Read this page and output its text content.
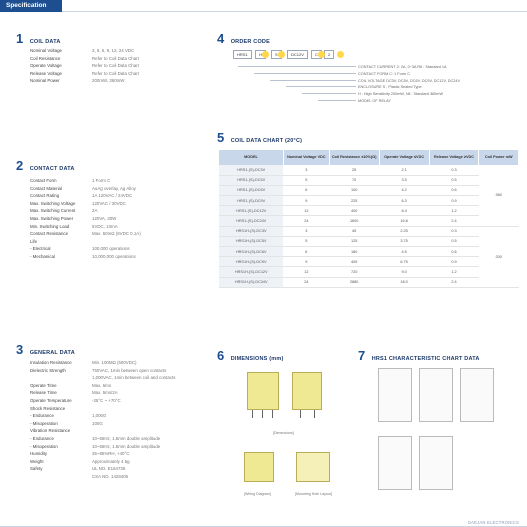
Specification
1 COIL DATA
Nominal Voltage	3, 5, 6, 9, 12, 24 VDC
Coil Resistance	Refer to Coil Data Chart
Operate Voltage	Refer to Coil Data Chart
Release Voltage	Refer to Coil Data Chart
Nominal Power	200mW, 360mW
2 CONTACT DATA
Contact Form	1 Form C
Contact Material	AuAg overlay, Ag Alloy
Contact Rating	1A 120VAC / 24VDC
Max. Switching Voltage	120VAC / 30VDC
Max. Switching Current	2A
Max. Switching Power	120VA, 30W
Min. Switching Load	5VDC, 10mA
Contact Resistance	Max. 50mΩ (6VDC 0.1A)
Life
- Electrical	100,000 operations
- Mechanical	10,000,000 operations
3 GENERAL DATA
Insulation Resistance	Min. 100MΩ (500VDC)
Dielectric Strength	750VAC, 1min between open contacts
1,000VAC, 1min between coil and contacts
Operate Time	Max. 5ms
Release Time	Max. 5ms/2A
Operate Temperature	-25°C ~ +70°C
Shock Resistance
- Endurance	1,000G
- Misoperation	100G
Vibration Resistance
- Endurance	10~55Hz, 1.5mm double amplitude
- Misoperation	10~55Hz, 1.5mm double amplitude
Humidity	35~85%RH, +40°C
Weight	Approximately 4.5g
Safety	UL NO. E164736
CSA NO. 1428406
4 ORDER CODE
HRS1	H	S	DC12V	C	2
CONTACT CURRENT 2: 2A, 0~3A R6 : Standard 1A
CONTACT FORM C: 1 Form C
COIL VOLTAGE DC3V, DC5V, DC6V, DC9V, DC12V, DC24V
ENCLOSURE S : Plastic Sealed Type
H : High Sensitivity 200mW, Nil : Standard 360mW
MODEL OF RELAY
5 COIL DATA CHART (20°C)
MODEL	Nominal Voltage VDC	Coil Resistance ±10%(Ω)	Operate Voltage ≤VDC	Release Voltage ≥VDC	Coil Power mW
HRS1-(S)-DC3V	3	25	2.1	0.3	360
HRS1-(S)-DC5V	5	70	3.5	0.5	
HRS1-(S)-DC6V	6	100	4.2	0.6	
HRS1-(S)-DC9V	9	225	6.3	0.9	
HRS1-(S)-DC12V	12	400	8.4	1.2	
HRS1-(S)-DC24V	24	1600	16.8	2.4	
HRS1H-(S)-DC3V	3	45	2.25	0.3	200
HRS1H-(S)-DC5V	5	125	3.75	0.5	
HRS1H-(S)-DC6V	6	180	4.5	0.6	
HRS1H-(S)-DC9V	9	405	6.75	0.9	
HRS1H-(S)-DC12V	12	720	9.0	1.2	
HRS1H-(S)-DC24V	24	2880	18.0	2.4	
6 DIMENSIONS (mm)
[Dimensions]
[Wiring Diagram]	[Mounting Hole Layout]
7 HRS1 CHARACTERISTIC CHART DATA
DAEJAN ELECTRONICS
